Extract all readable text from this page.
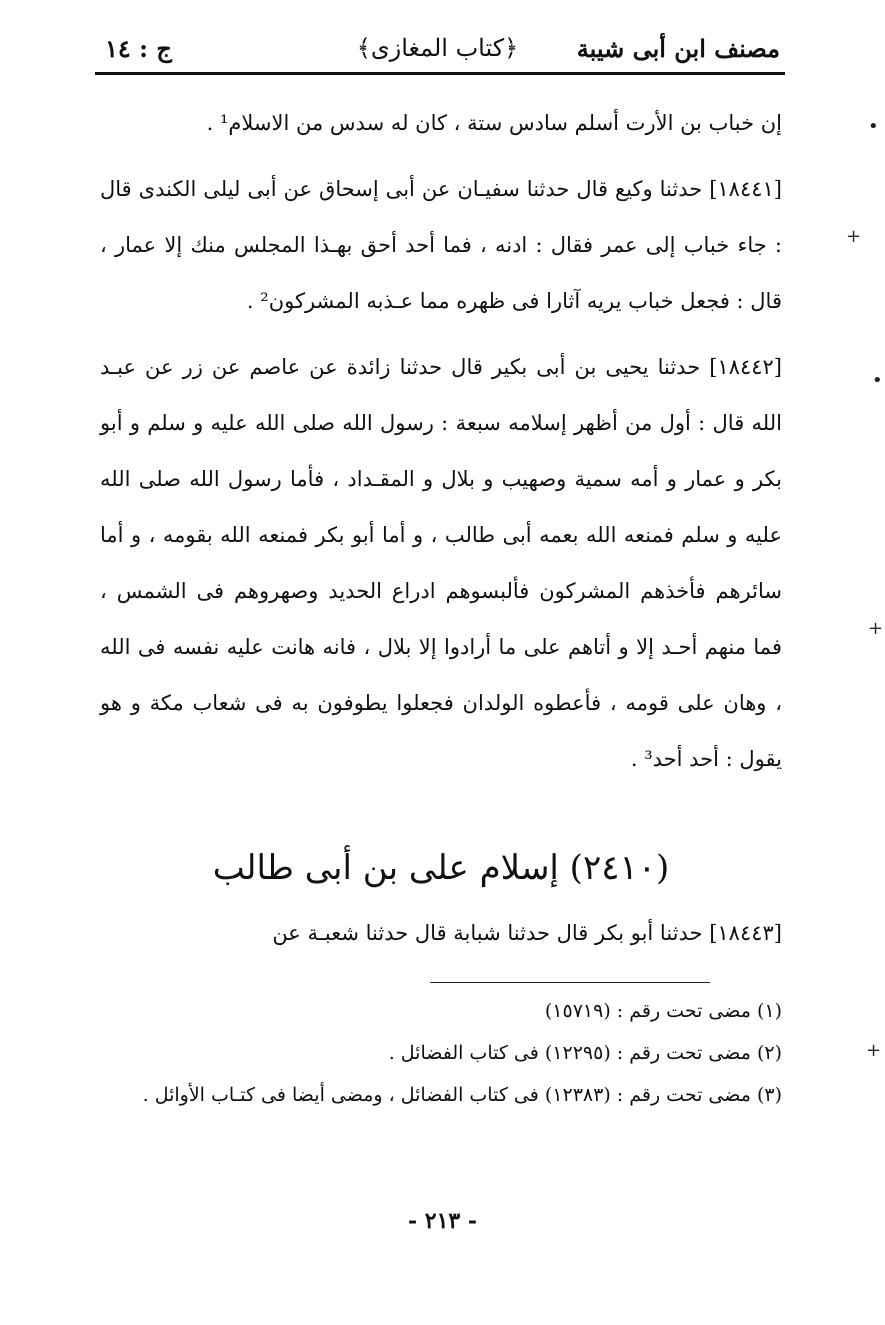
مصنف ابن أبى شيبة
﴿كتاب المغازى﴾
ج : ١٤

إن خباب بن الأرت أسلم سادس ستة ، كان له سدس من الاسلام¹ .

[١٨٤٤١] حدثنا وكيع قال حدثنا سفيـان عن أبى إسحاق عن أبى ليلى الكندى قال : جاء خباب إلى عمر فقال : ادنه ، فما أحد أحق بهـذا المجلس منك إلا عمار ، قال : فجعل خباب يريه آثارا فى ظهره مما عـذبه المشركون² .

[١٨٤٤٢] حدثنا يحيى بن أبى بكير قال حدثنا زائدة عن عاصم عن زر عن عبـد الله قال : أول من أظهر إسلامه سبعة : رسول الله صلى الله عليه و سلم و أبو بكر و عمار و أمه سمية وصهيب و بلال و المقـداد ، فأما رسول الله صلى الله عليه و سلم فمنعه الله بعمه أبى طالب ، و أما أبو بكر فمنعه الله بقومه ، و أما سائرهم فأخذهم المشركون فألبسوهم ادراع الحديد وصهروهم فى الشمس ، فما منهم أحـد إلا و أتاهم على ما أرادوا إلا بلال ، فانه هانت عليه نفسه فى الله ، وهان على قومه ، فأعطوه الولدان فجعلوا يطوفون به فى شعاب مكة و هو يقول : أحد أحد³ .

(٢٤١٠) إسلام على بن أبى طالب

[١٨٤٤٣] حدثنا أبو بكر قال حدثنا شبابة قال حدثنا شعبـة عن

(١) مضى تحت رقم : (١٥٧١٩)

(٢) مضى تحت رقم : (١٢٢٩٥) فى كتاب الفضائل .

(٣) مضى تحت رقم : (١٢٣٨٣) فى كتاب الفضائل ، ومضى أيضا فى كتـاب الأوائل .

- ٢١٣ -
•
+
•
+
+
